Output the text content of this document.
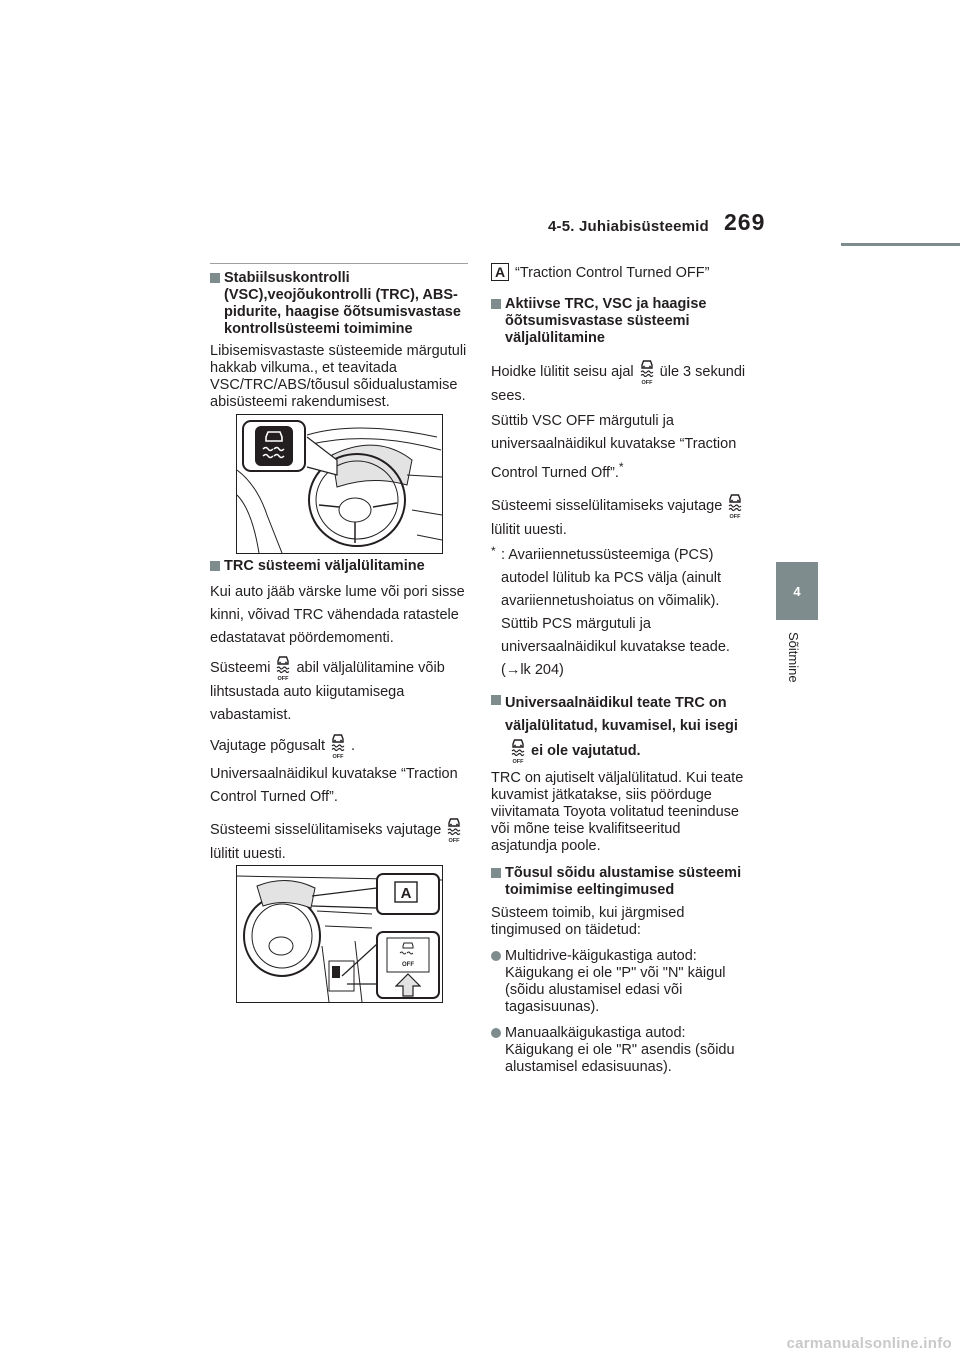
4-5. Juhiabisüsteemid 269
4
Sõitmine
Stabiilsuskontrolli (VSC),veojõukontrolli (TRC), ABS-pidurite, haagise õõtsumisvastase kontrollsüsteemi toimimine
Libisemisvastaste süsteemide märgutuli hakkab vilkuma., et teavitada VSC/TRC/ABS/tõusul sõidualustamise abisüsteemi rakendumisest.
TRC süsteemi väljalülitamine
Kui auto jääb värske lume või pori sisse kinni, võivad TRC vähendada ratastele edastatavat pöördemomenti.
Süsteemi abil väljalülitamine võib lihtsustada auto kiigutamisega vabastamist.
Vajutage põgusalt .
Universaalnäidikul kuvatakse “Traction Control Turned Off”.
Süsteemi sisselülitamiseks vajutage
lülitit uuesti.
A
OFF
A “Traction Control Turned OFF”
Aktiivse TRC, VSC ja haagise õõtsumisvastase süsteemi väljalülitamine
Hoidke lülitit seisu ajal üle 3 sekundi sees.
Süttib VSC OFF märgutuli ja universaalnäidikul kuvatakse “Traction Control Turned Off”.*
Süsteemi sisselülitamiseks vajutage
lülitit uuesti.
* : Avariiennetussüsteemiga (PCS) autodel lülitub ka PCS välja (ainult avariiennetushoiatus on võimalik). Süttib PCS märgutuli ja universaalnäidikul kuvatakse teade. (→lk 204)
Universaalnäidikul teate TRC on väljalülitatud, kuvamisel, kui isegiei ole vajutatud.
TRC on ajutiselt väljalülitatud. Kui teate kuvamist jätkatakse, siis pöörduge viivitamata Toyota volitatud teeninduse või mõne teise kvalifitseeritud asjatundja poole.
Tõusul sõidu alustamise süsteemi toimimise eeltingimused
Süsteem toimib, kui järgmised tingimused on täidetud:
Multidrive-käigukastiga autod: Käigukang ei ole "P" või "N" käigul (sõidu alustamisel edasi või tagasisuunas).
Manuaalkäigukastiga autod: Käigukang ei ole "R" asendis (sõidu alustamisel edasisuunas).
carmanualsonline.info
